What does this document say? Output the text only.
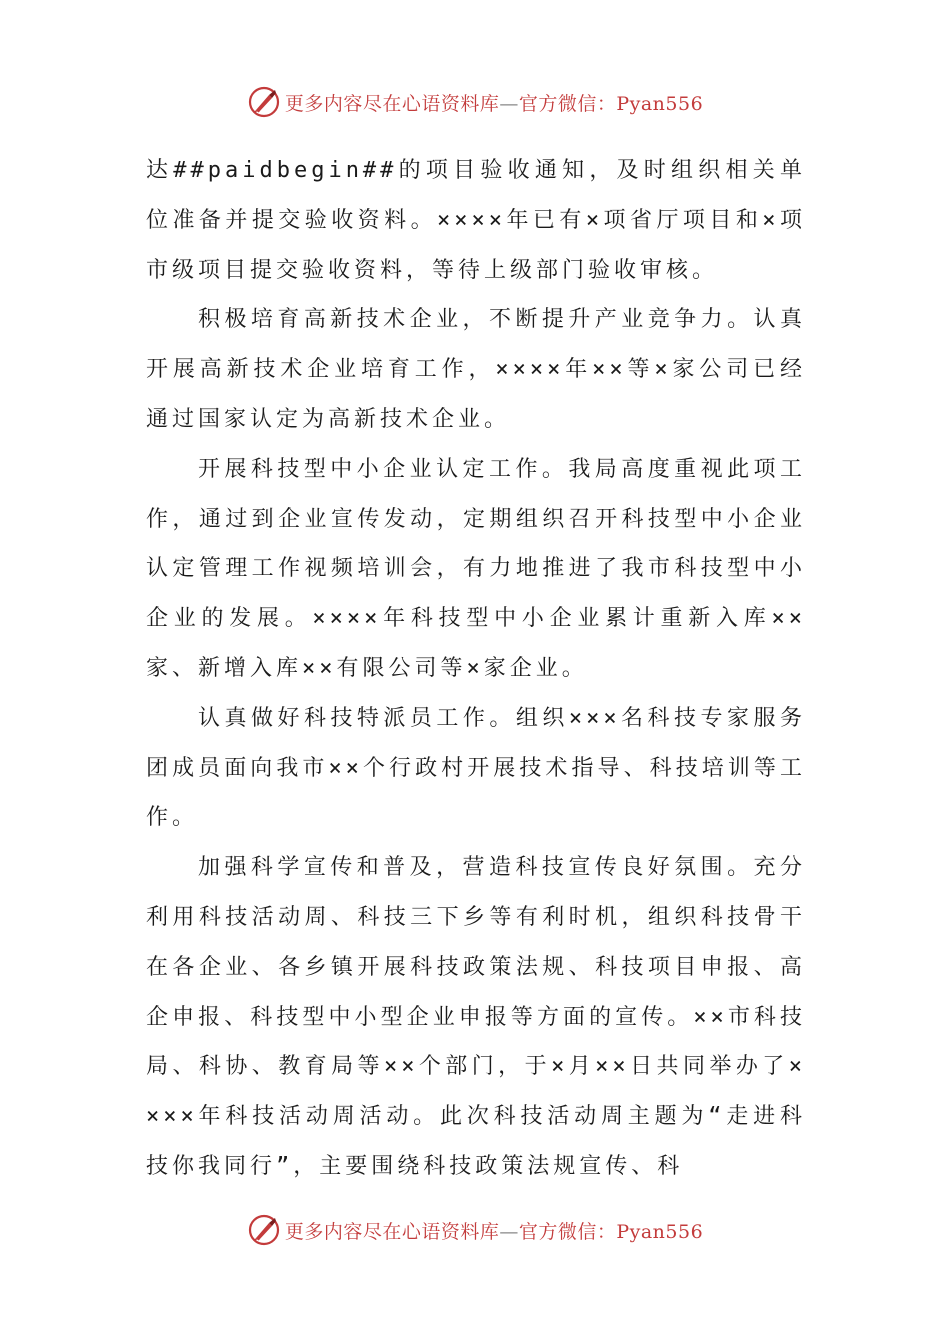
更多内容尽在心语资料库—官方微信：Pyan556

达##paidbegin##的项目验收通知，及时组织相关单位准备并提交验收资料。××××年已有×项省厅项目和×项市级项目提交验收资料，等待上级部门验收审核。

积极培育高新技术企业，不断提升产业竞争力。认真开展高新技术企业培育工作，××××年××等×家公司已经通过国家认定为高新技术企业。

开展科技型中小企业认定工作。我局高度重视此项工作，通过到企业宣传发动，定期组织召开科技型中小企业认定管理工作视频培训会，有力地推进了我市科技型中小企业的发展。××××年科技型中小企业累计重新入库××家、新增入库××有限公司等×家企业。

认真做好科技特派员工作。组织×××名科技专家服务团成员面向我市××个行政村开展技术指导、科技培训等工作。

加强科学宣传和普及，营造科技宣传良好氛围。充分利用科技活动周、科技三下乡等有利时机，组织科技骨干在各企业、各乡镇开展科技政策法规、科技项目申报、高企申报、科技型中小型企业申报等方面的宣传。××市科技局、科协、教育局等××个部门，于×月××日共同举办了××××年科技活动周活动。此次科技活动周主题为“走进科技你我同行”，主要围绕科技政策法规宣传、科

更多内容尽在心语资料库—官方微信：Pyan556
